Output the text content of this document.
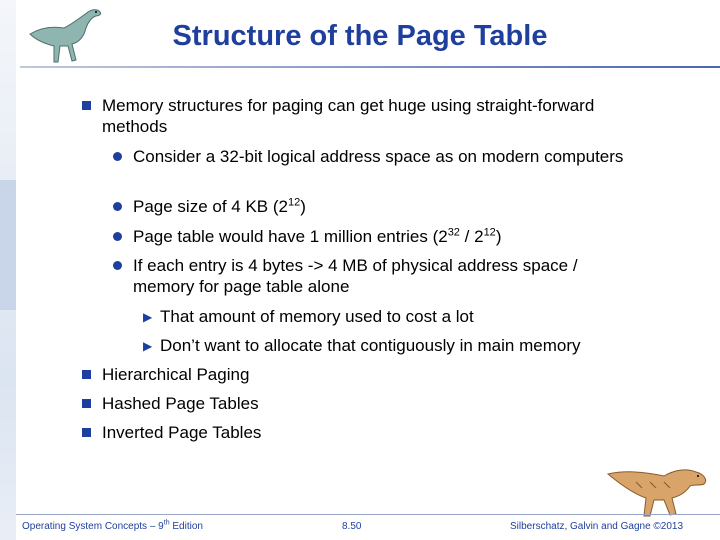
Structure of the Page Table
Memory structures for paging can get huge using straight-forward methods
Consider a 32-bit logical address space as on modern computers
Page size of 4 KB $(2^{12})$
Page table would have 1 million entries $(2^{32} / 2^{12})$
If each entry is 4 bytes -> 4 MB of physical address space / memory for page table alone
▶ That amount of memory used to cost a lot
▶ Don’t want to allocate that contiguously in main memory
Hierarchical Paging
Hashed Page Tables
Inverted Page Tables
Operating System Concepts – 9th Edition	8.50	Silberschatz, Galvin and Gagne ©2013
